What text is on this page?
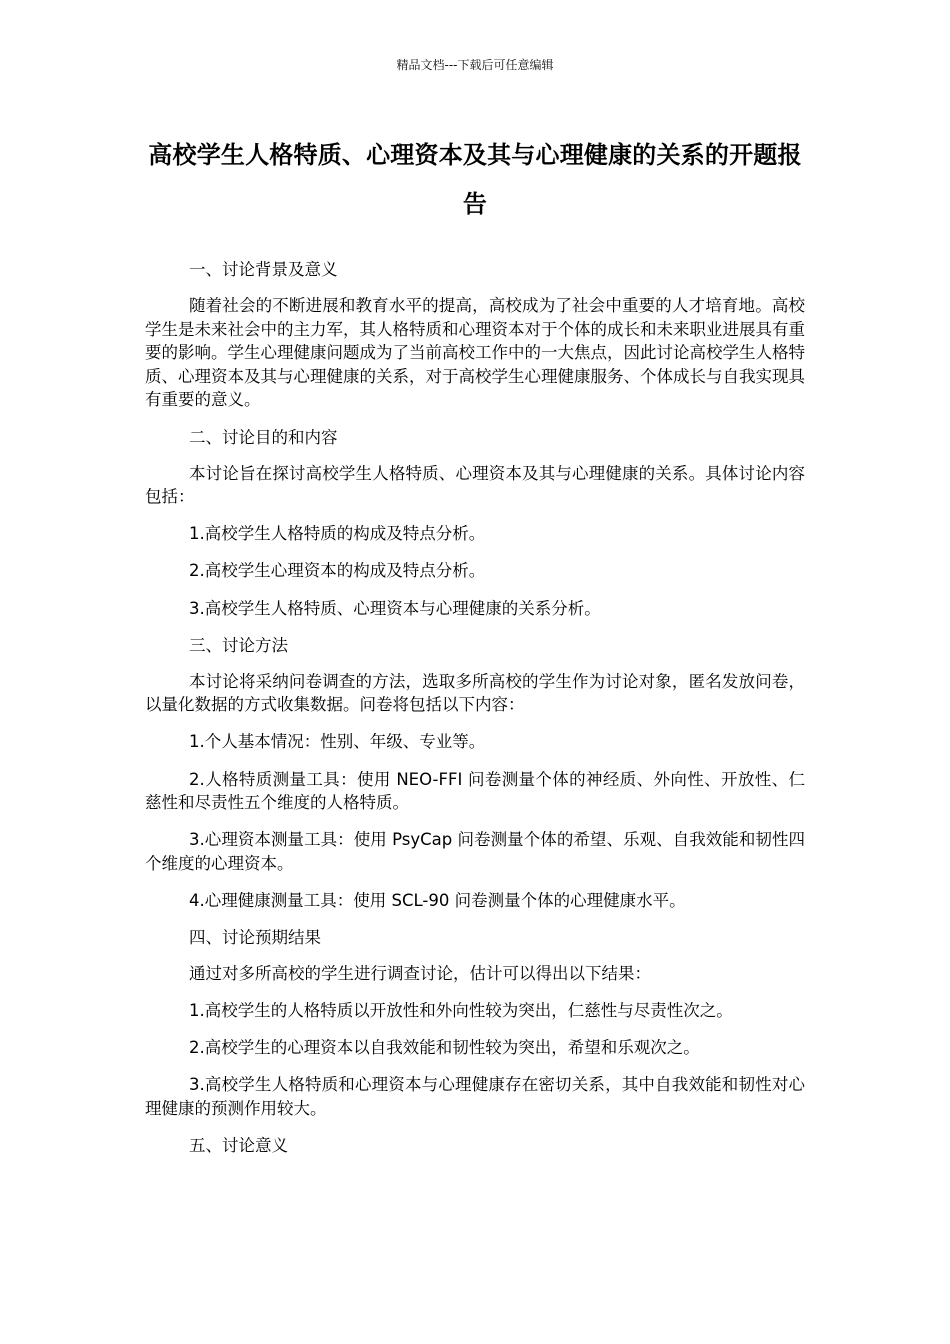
精品文档---下载后可任意编辑
高校学生人格特质、心理资本及其与心理健康的关系的开题报告

一、讨论背景及意义

随着社会的不断进展和教育水平的提高，高校成为了社会中重要的人才培育地。高校学生是未来社会中的主力军，其人格特质和心理资本对于个体的成长和未来职业进展具有重要的影响。学生心理健康问题成为了当前高校工作中的一大焦点，因此讨论高校学生人格特质、心理资本及其与心理健康的关系，对于高校学生心理健康服务、个体成长与自我实现具有重要的意义。

二、讨论目的和内容

本讨论旨在探讨高校学生人格特质、心理资本及其与心理健康的关系。具体讨论内容包括：

1.高校学生人格特质的构成及特点分析。

2.高校学生心理资本的构成及特点分析。

3.高校学生人格特质、心理资本与心理健康的关系分析。

三、讨论方法

本讨论将采纳问卷调查的方法，选取多所高校的学生作为讨论对象，匿名发放问卷，以量化数据的方式收集数据。问卷将包括以下内容：

1.个人基本情况：性别、年级、专业等。

2.人格特质测量工具：使用 NEO-FFI 问卷测量个体的神经质、外向性、开放性、仁慈性和尽责性五个维度的人格特质。

3.心理资本测量工具：使用 PsyCap 问卷测量个体的希望、乐观、自我效能和韧性四个维度的心理资本。

4.心理健康测量工具：使用 SCL-90 问卷测量个体的心理健康水平。

四、讨论预期结果

通过对多所高校的学生进行调查讨论，估计可以得出以下结果：

1.高校学生的人格特质以开放性和外向性较为突出，仁慈性与尽责性次之。

2.高校学生的心理资本以自我效能和韧性较为突出，希望和乐观次之。

3.高校学生人格特质和心理资本与心理健康存在密切关系，其中自我效能和韧性对心理健康的预测作用较大。

五、讨论意义
